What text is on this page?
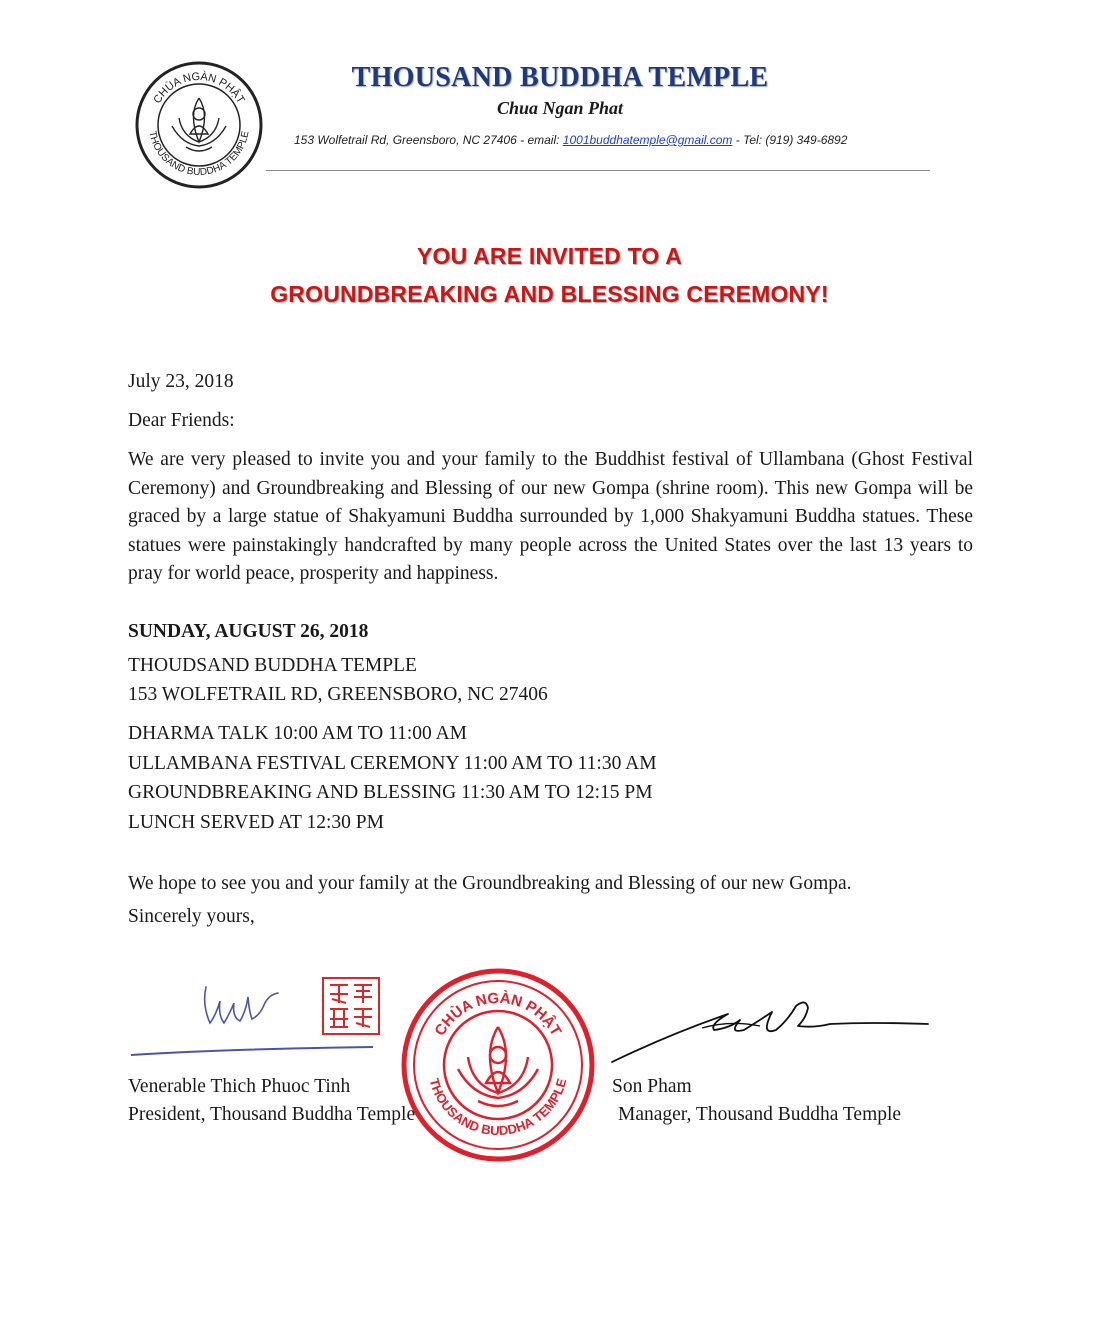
CHÙA NGÀN PHẬT
THOUSAND BUDDHA TEMPLE
THOUSAND BUDDHA TEMPLE
Chua Ngan Phat
153 Wolfetrail Rd, Greensboro, NC 27406 - email: 1001buddhatemple@gmail.com - Tel: (919) 349-6892
YOU ARE INVITED TO A
GROUNDBREAKING AND BLESSING CEREMONY!
July 23, 2018
Dear Friends:
We are very pleased to invite you and your family to the Buddhist festival of Ullambana (Ghost Festival Ceremony) and Groundbreaking and Blessing of our new Gompa (shrine room). This new Gompa will be graced by a large statue of Shakyamuni Buddha surrounded by 1,000 Shakyamuni Buddha statues. These statues were painstakingly handcrafted by many people across the United States over the last 13 years to pray for world peace, prosperity and happiness.
SUNDAY, AUGUST 26, 2018
THOUDSAND BUDDHA TEMPLE
153 WOLFETRAIL RD, GREENSBORO, NC 27406
DHARMA TALK 10:00 AM TO 11:00 AM
ULLAMBANA FESTIVAL CEREMONY 11:00 AM TO 11:30 AM
GROUNDBREAKING AND BLESSING 11:30 AM TO 12:15 PM
LUNCH SERVED AT 12:30 PM
We hope to see you and your family at the Groundbreaking and Blessing of our new Gompa.
Sincerely yours,
CHÙA NGÀN PHẬT
THOUSAND BUDDHA TEMPLE
Venerable Thich Phuoc Tinh
President, Thousand Buddha Temple
Son Pham
Manager, Thousand Buddha Temple
